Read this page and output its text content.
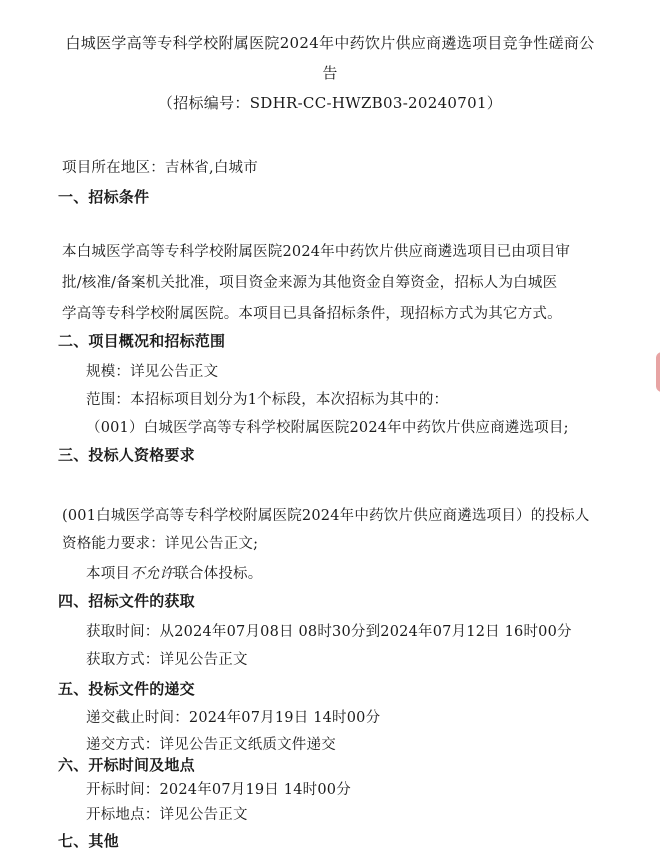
白城医学高等专科学校附属医院2024年中药饮片供应商遴选项目竞争性磋商公
告
（招标编号：SDHR-CC-HWZB03-20240701）
项目所在地区：吉林省,白城市
一、招标条件
本白城医学高等专科学校附属医院2024年中药饮片供应商遴选项目已由项目审
批/核准/备案机关批准，项目资金来源为其他资金自筹资金，招标人为白城医
学高等专科学校附属医院。本项目已具备招标条件，现招标方式为其它方式。
二、项目概况和招标范围
规模：详见公告正文
范围：本招标项目划分为1个标段，本次招标为其中的：
（001）白城医学高等专科学校附属医院2024年中药饮片供应商遴选项目;
三、投标人资格要求
(001白城医学高等专科学校附属医院2024年中药饮片供应商遴选项目）的投标人
资格能力要求：详见公告正文;
本项目不允许联合体投标。
四、招标文件的获取
获取时间：从2024年07月08日 08时30分到2024年07月12日 16时00分
获取方式：详见公告正文
五、投标文件的递交
递交截止时间：2024年07月19日 14时00分
递交方式：详见公告正文纸质文件递交
六、开标时间及地点
开标时间：2024年07月19日 14时00分
开标地点：详见公告正文
七、其他
